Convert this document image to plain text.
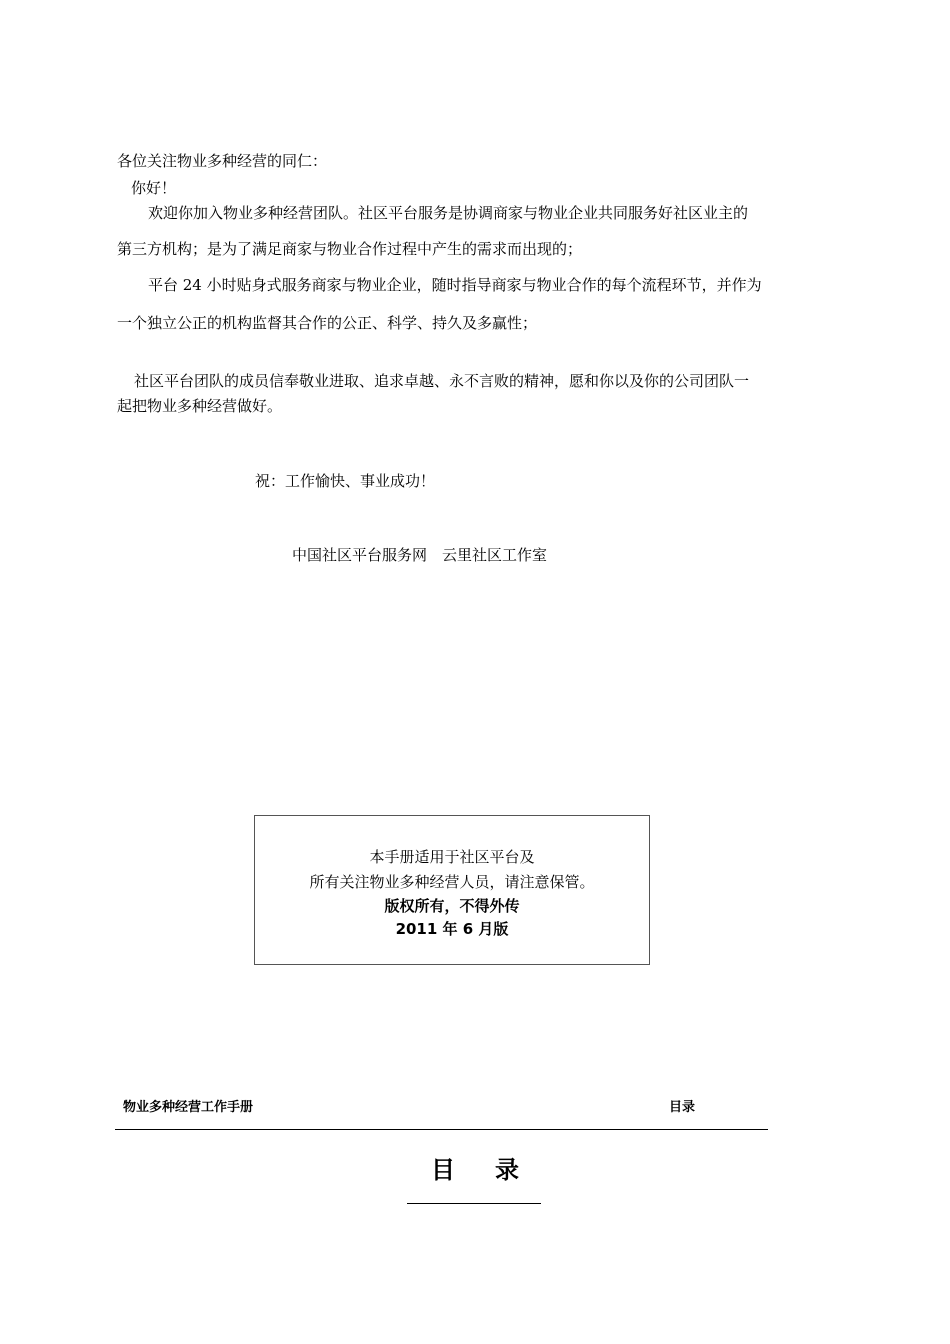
各位关注物业多种经营的同仁：
你好！
欢迎你加入物业多种经营团队。社区平台服务是协调商家与物业企业共同服务好社区业主的
第三方机构；是为了满足商家与物业合作过程中产生的需求而出现的；
平台 24 小时贴身式服务商家与物业企业，随时指导商家与物业合作的每个流程环节，并作为
一个独立公正的机构监督其合作的公正、科学、持久及多赢性；
社区平台团队的成员信奉敬业进取、追求卓越、永不言败的精神，愿和你以及你的公司团队一
起把物业多种经营做好。
祝：工作愉快、事业成功！
中国社区平台服务网　云里社区工作室
本手册适用于社区平台及
所有关注物业多种经营人员，请注意保管。
版权所有，不得外传
2011 年 6 月版
物业多种经营工作手册	目录
目录
